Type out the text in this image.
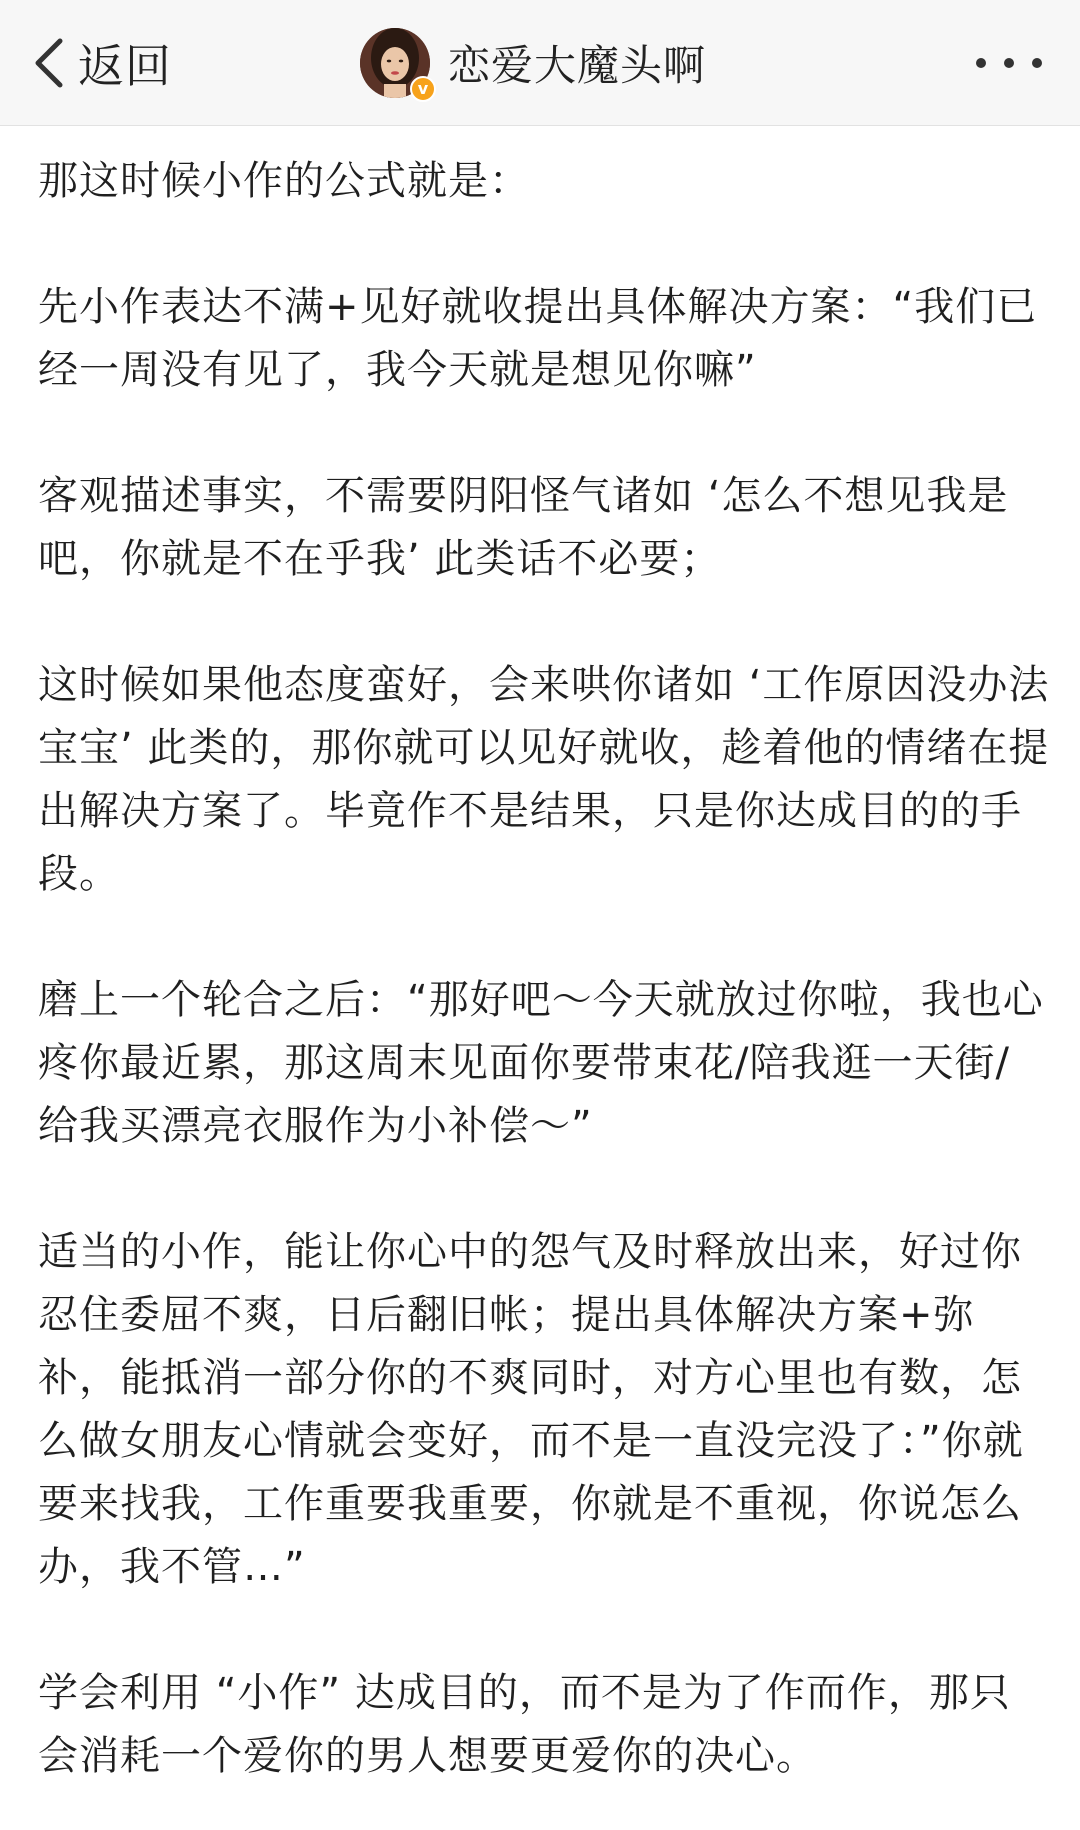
返回	v 恋爱大魔头啊

那这时候小作的公式就是：

先小作表达不满+见好就收提出具体解决方案：“我们已经一周没有见了，我今天就是想见你嘛”

客观描述事实，不需要阴阳怪气诸如 ‘怎么不想见我是吧，你就是不在乎我’ 此类话不必要；

这时候如果他态度蛮好，会来哄你诸如 ‘工作原因没办法宝宝’ 此类的，那你就可以见好就收，趁着他的情绪在提出解决方案了。毕竟作不是结果，只是你达成目的的手段。

磨上一个轮合之后：“那好吧～今天就放过你啦，我也心疼你最近累，那这周末见面你要带束花/陪我逛一天街/给我买漂亮衣服作为小补偿～”

适当的小作，能让你心中的怨气及时释放出来，好过你忍住委屈不爽，日后翻旧帐；提出具体解决方案+弥补，能抵消一部分你的不爽同时，对方心里也有数，怎么做女朋友心情就会变好，而不是一直没完没了：”你就要来找我，工作重要我重要，你就是不重视，你说怎么办，我不管…”

学会利用 “小作” 达成目的，而不是为了作而作，那只会消耗一个爱你的男人想要更爱你的决心。
